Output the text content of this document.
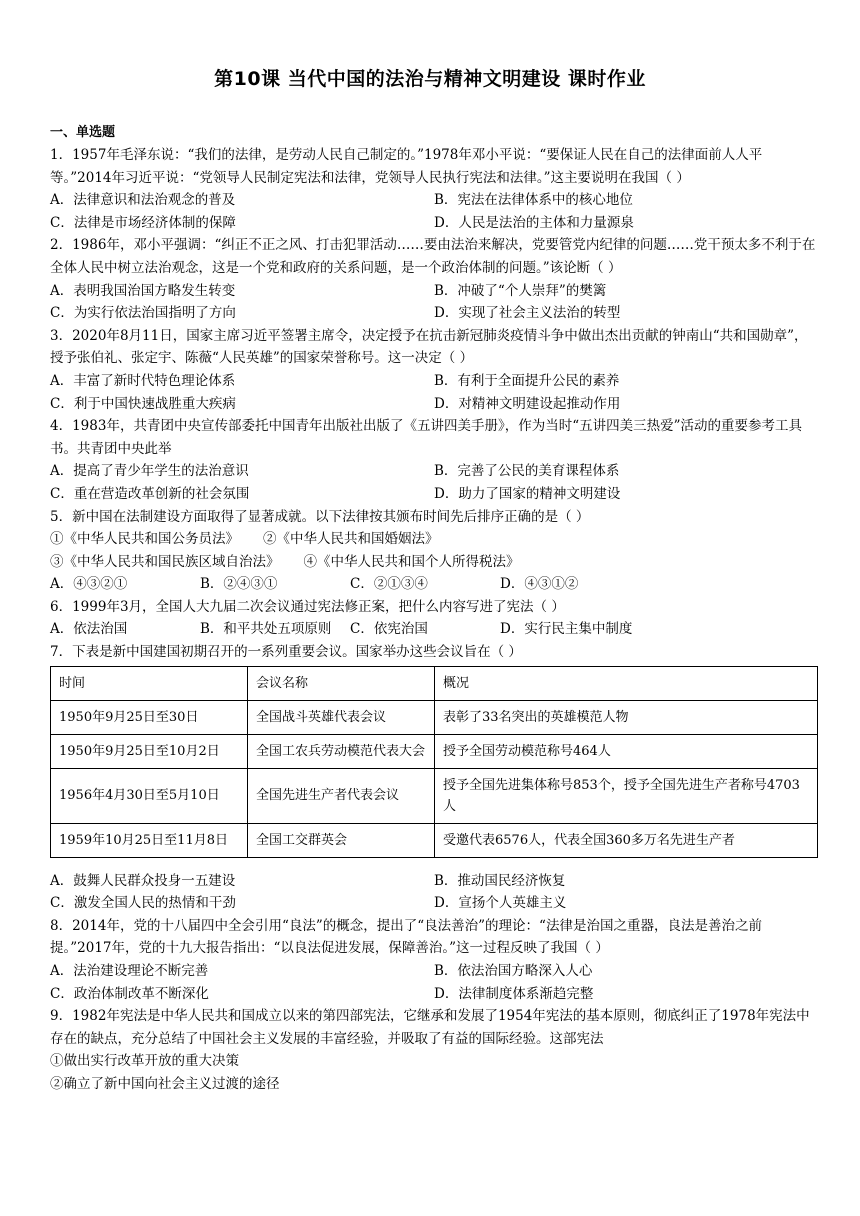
第10课 当代中国的法治与精神文明建设 课时作业
一、单选题

1．1957年毛泽东说：“我们的法律，是劳动人民自己制定的。”1978年邓小平说：“要保证人民在自己的法律面前人人平等。”2014年习近平说：“党领导人民制定宪法和法律，党领导人民执行宪法和法律。”这主要说明在我国（ ）

A．法律意识和法治观念的普及	B．宪法在法律体系中的核心地位
C．法律是市场经济体制的保障	D．人民是法治的主体和力量源泉

2．1986年，邓小平强调：“纠正不正之风、打击犯罪活动……要由法治来解决，党要管党内纪律的问题……党干预太多不利于在全体人民中树立法治观念，这是一个党和政府的关系问题，是一个政治体制的问题。”该论断（ ）

A．表明我国治国方略发生转变	B．冲破了“个人崇拜”的樊篱
C．为实行依法治国指明了方向	D．实现了社会主义法治的转型

3．2020年8月11日，国家主席习近平签署主席令，决定授予在抗击新冠肺炎疫情斗争中做出杰出贡献的钟南山“共和国勋章”，授予张伯礼、张定宇、陈薇“人民英雄”的国家荣誉称号。这一决定（ ）

A．丰富了新时代特色理论体系	B．有利于全面提升公民的素养
C．利于中国快速战胜重大疾病	D．对精神文明建设起推动作用

4．1983年，共青团中央宣传部委托中国青年出版社出版了《五讲四美手册》，作为当时“五讲四美三热爱”活动的重要参考工具书。共青团中央此举

A．提高了青少年学生的法治意识	B．完善了公民的美育课程体系
C．重在营造改革创新的社会氛围	D．助力了国家的精神文明建设

5．新中国在法制建设方面取得了显著成就。以下法律按其颁布时间先后排序正确的是（ ）

①《中华人民共和国公务员法》 ②《中华人民共和国婚姻法》
③《中华人民共和国民族区域自治法》 ④《中华人民共和国个人所得税法》
A．④③②①	B．②④③①	C．②①③④	D．④③①②

6．1999年3月，全国人大九届二次会议通过宪法修正案，把什么内容写进了宪法（ ）

A．依法治国	B．和平共处五项原则	C．依宪治国	D．实行民主集中制度

7．下表是新中国建国初期召开的一系列重要会议。国家举办这些会议旨在（ ）

时间	会议名称	概况
1950年9月25日至30日	全国战斗英雄代表会议	表彰了33名突出的英雄模范人物
1950年9月25日至10月2日	全国工农兵劳动模范代表大会	授予全国劳动模范称号464人
1956年4月30日至5月10日	全国先进生产者代表会议	授予全国先进集体称号853个，授予全国先进生产者称号4703人
1959年10月25日至11月8日	全国工交群英会	受邀代表6576人，代表全国360多万名先进生产者
A．鼓舞人民群众投身一五建设	B．推动国民经济恢复
C．激发全国人民的热情和干劲	D．宣扬个人英雄主义

8．2014年，党的十八届四中全会引用“良法”的概念，提出了“良法善治”的理论：“法律是治国之重器，良法是善治之前提。”2017年，党的十九大报告指出：“以良法促进发展，保障善治。”这一过程反映了我国（ ）

A．法治建设理论不断完善	B．依法治国方略深入人心
C．政治体制改革不断深化	D．法律制度体系渐趋完整

9．1982年宪法是中华人民共和国成立以来的第四部宪法，它继承和发展了1954年宪法的基本原则，彻底纠正了1978年宪法中存在的缺点，充分总结了中国社会主义发展的丰富经验，并吸取了有益的国际经验。这部宪法

①做出实行改革开放的重大决策
②确立了新中国向社会主义过渡的途径
